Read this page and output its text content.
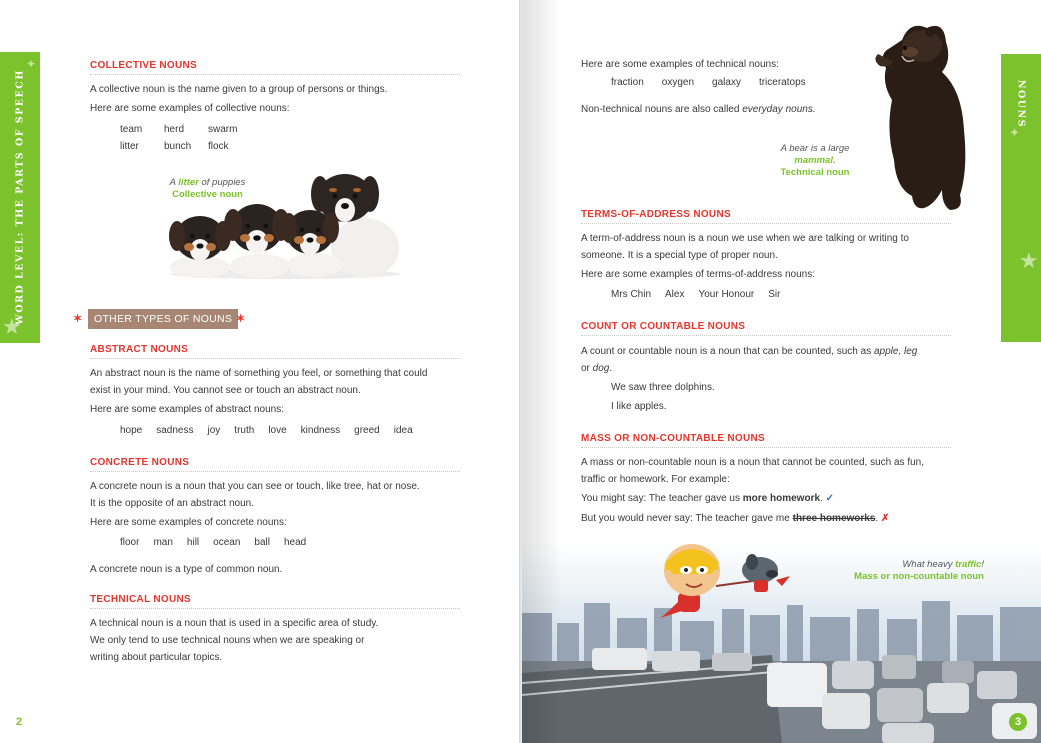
✦
★
WORD LEVEL: THE PARTS OF SPEECH
COLLECTIVE NOUNS
A collective noun is the name given to a group of persons or things.
Here are some examples of collective nouns:
team	herd	swarm
litter	bunch flock
A litter of puppies
Collective noun
✶	OTHER TYPES OF NOUNS ✶
ABSTRACT NOUNS
An abstract noun is the name of something you feel, or something that could
exist in your mind. You cannot see or touch an abstract noun.
Here are some examples of abstract nouns:
hope sadness joy truth love kindness greed idea
CONCRETE NOUNS
A concrete noun is a noun that you can see or touch, like tree, hat or nose.
It is the opposite of an abstract noun.
Here are some examples of concrete nouns:
floor man hill ocean ball head
A concrete noun is a type of common noun.
TECHNICAL NOUNS
A technical noun is a noun that is used in a specific area of study.
We only tend to use technical nouns when we are speaking or
writing about particular topics.
2
✦
★
NOUNS
Here are some examples of technical nouns:
fraction oxygen galaxy triceratops
Non-technical nouns are also called everyday nouns.
A bear is a large
mammal.
Technical noun
TERMS-OF-ADDRESS NOUNS
A term-of-address noun is a noun we use when we are talking or writing to
someone. It is a special type of proper noun.
Here are some examples of terms-of-address nouns:
Mrs Chin Alex Your Honour Sir
COUNT OR COUNTABLE NOUNS
A count or countable noun is a noun that can be counted, such as apple, leg
or dog.
We saw three dolphins.
I like apples.
MASS OR NON-COUNTABLE NOUNS
A mass or non-countable noun is a noun that cannot be counted, such as fun,
traffic or homework. For example:
You might say: The teacher gave us more homework. ✓
But you would never say: The teacher gave me three homeworks. ✗
What heavy traffic!
Mass or non-countable noun
3
